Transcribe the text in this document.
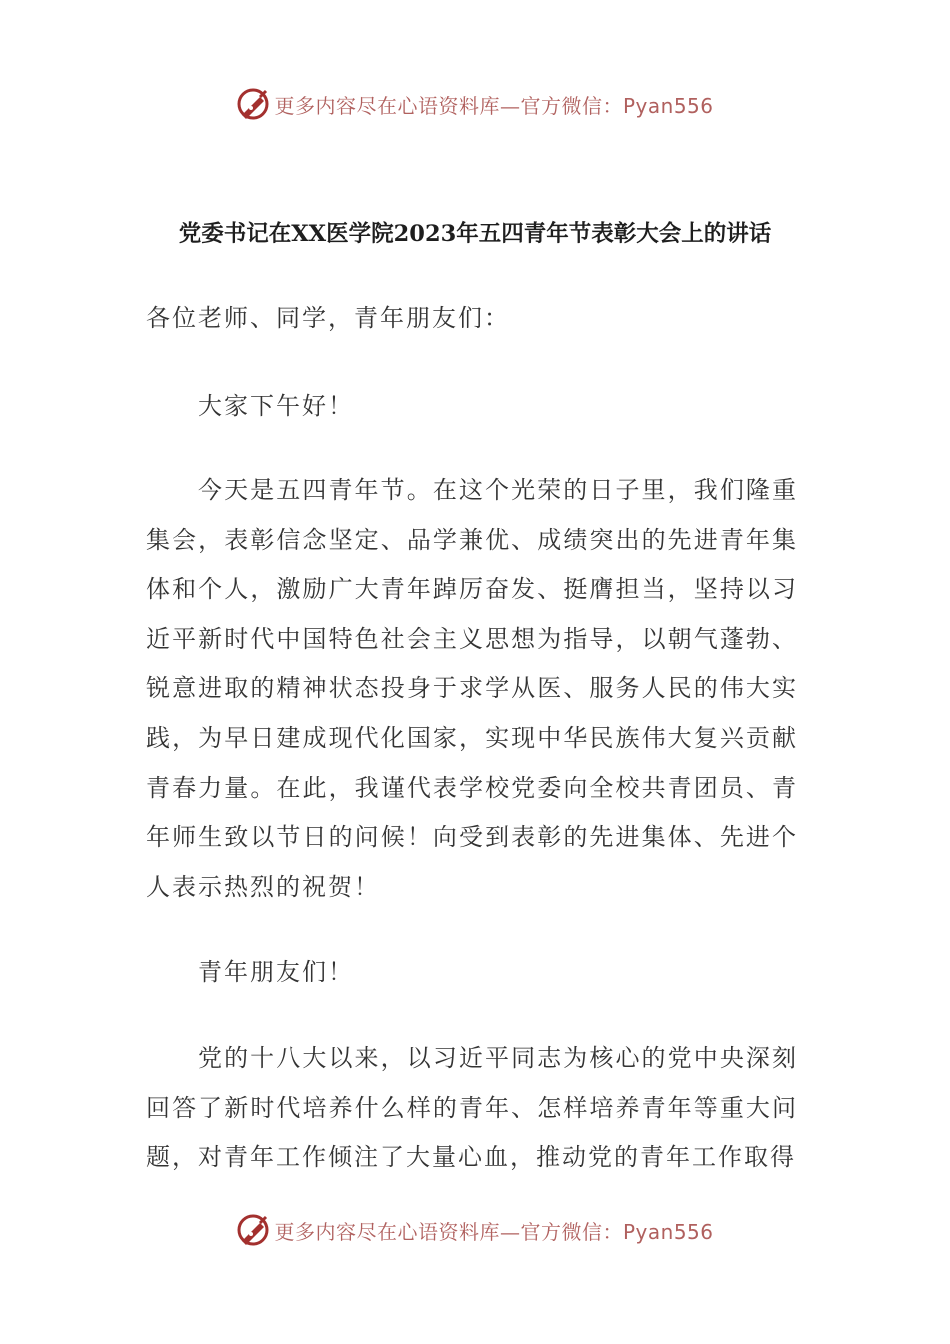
更多内容尽在心语资料库—官方微信：Pyan556
党委书记在XX医学院2023年五四青年节表彰大会上的讲话
各位老师、同学，青年朋友们：
大家下午好！
今天是五四青年节。在这个光荣的日子里，我们隆重集会，表彰信念坚定、品学兼优、成绩突出的先进青年集体和个人，激励广大青年踔厉奋发、挺膺担当，坚持以习近平新时代中国特色社会主义思想为指导，以朝气蓬勃、锐意进取的精神状态投身于求学从医、服务人民的伟大实践，为早日建成现代化国家，实现中华民族伟大复兴贡献青春力量。在此，我谨代表学校党委向全校共青团员、青年师生致以节日的问候！向受到表彰的先进集体、先进个人表示热烈的祝贺！
青年朋友们！
党的十八大以来，以习近平同志为核心的党中央深刻回答了新时代培养什么样的青年、怎样培养青年等重大问题，对青年工作倾注了大量心血，推动党的青年工作取得
更多内容尽在心语资料库—官方微信：Pyan556
